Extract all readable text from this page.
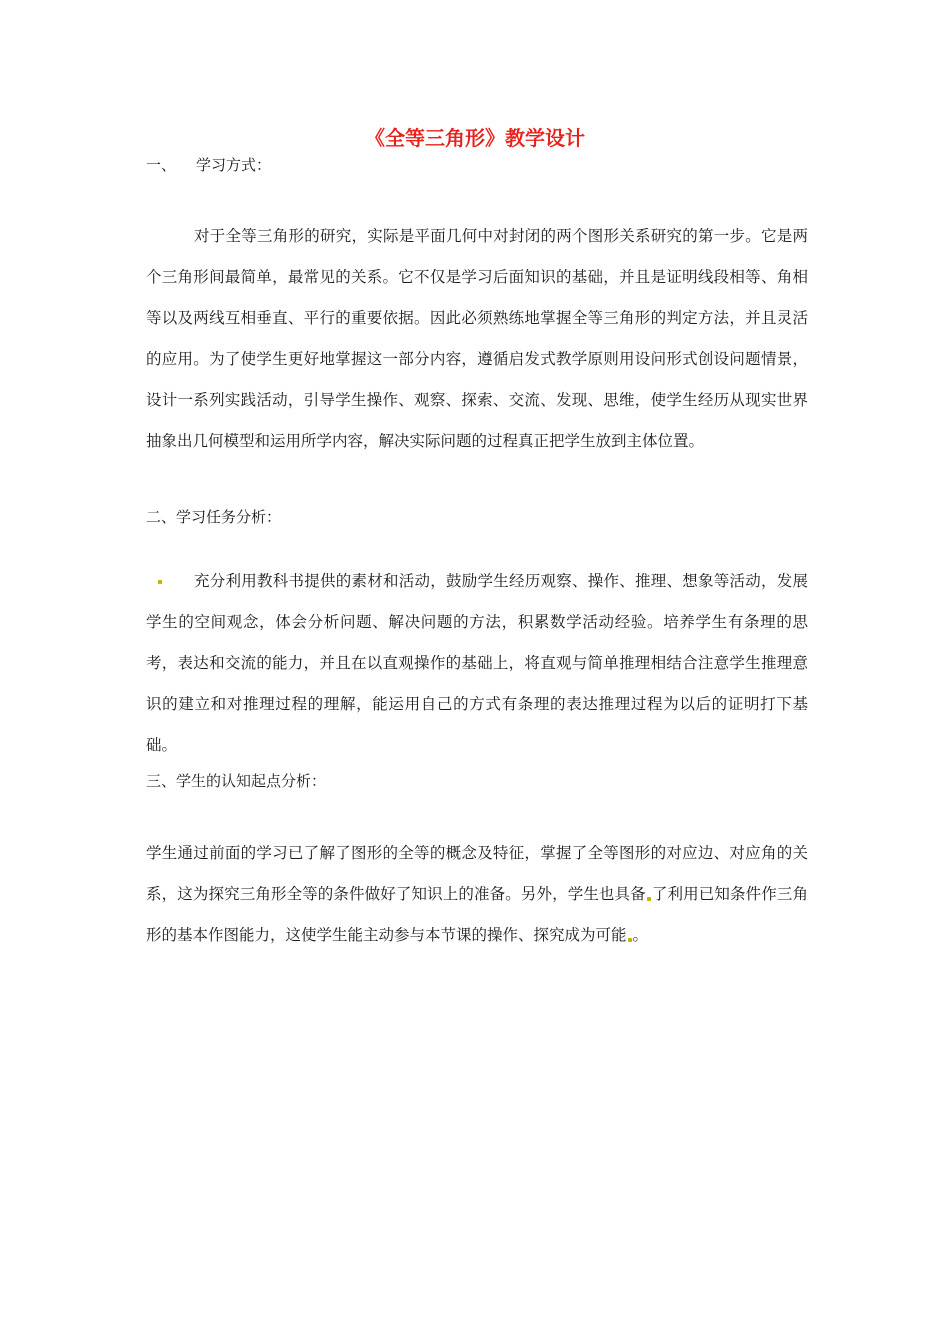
《全等三角形》教学设计
一、 学习方式：

对于全等三角形的研究，实际是平面几何中对封闭的两个图形关系研究的第一步。它是两个三角形间最简单，最常见的关系。它不仅是学习后面知识的基础，并且是证明线段相等、角相等以及两线互相垂直、平行的重要依据。因此必须熟练地掌握全等三角形的判定方法，并且灵活的应用。为了使学生更好地掌握这一部分内容，遵循启发式教学原则用设问形式创设问题情景，设计一系列实践活动，引导学生操作、观察、探索、交流、发现、思维，使学生经历从现实世界抽象出几何模型和运用所学内容，解决实际问题的过程真正把学生放到主体位置。

二、学习任务分析：

充分利用教科书提供的素材和活动，鼓励学生经历观察、操作、推理、想象等活动，发展学生的空间观念，体会分析问题、解决问题的方法，积累数学活动经验。培养学生有条理的思考，表达和交流的能力，并且在以直观操作的基础上，将直观与简单推理相结合注意学生推理意识的建立和对推理过程的理解，能运用自己的方式有条理的表达推理过程为以后的证明打下基础。

三、学生的认知起点分析：

学生通过前面的学习已了解了图形的全等的概念及特征，掌握了全等图形的对应边、对应角的关系，这为探究三角形全等的条件做好了知识上的准备。另外，学生也具备 了利用已知条件作三角形的基本作图能力，这使学生能主动参与本节课的操作、探究成为可能 。
